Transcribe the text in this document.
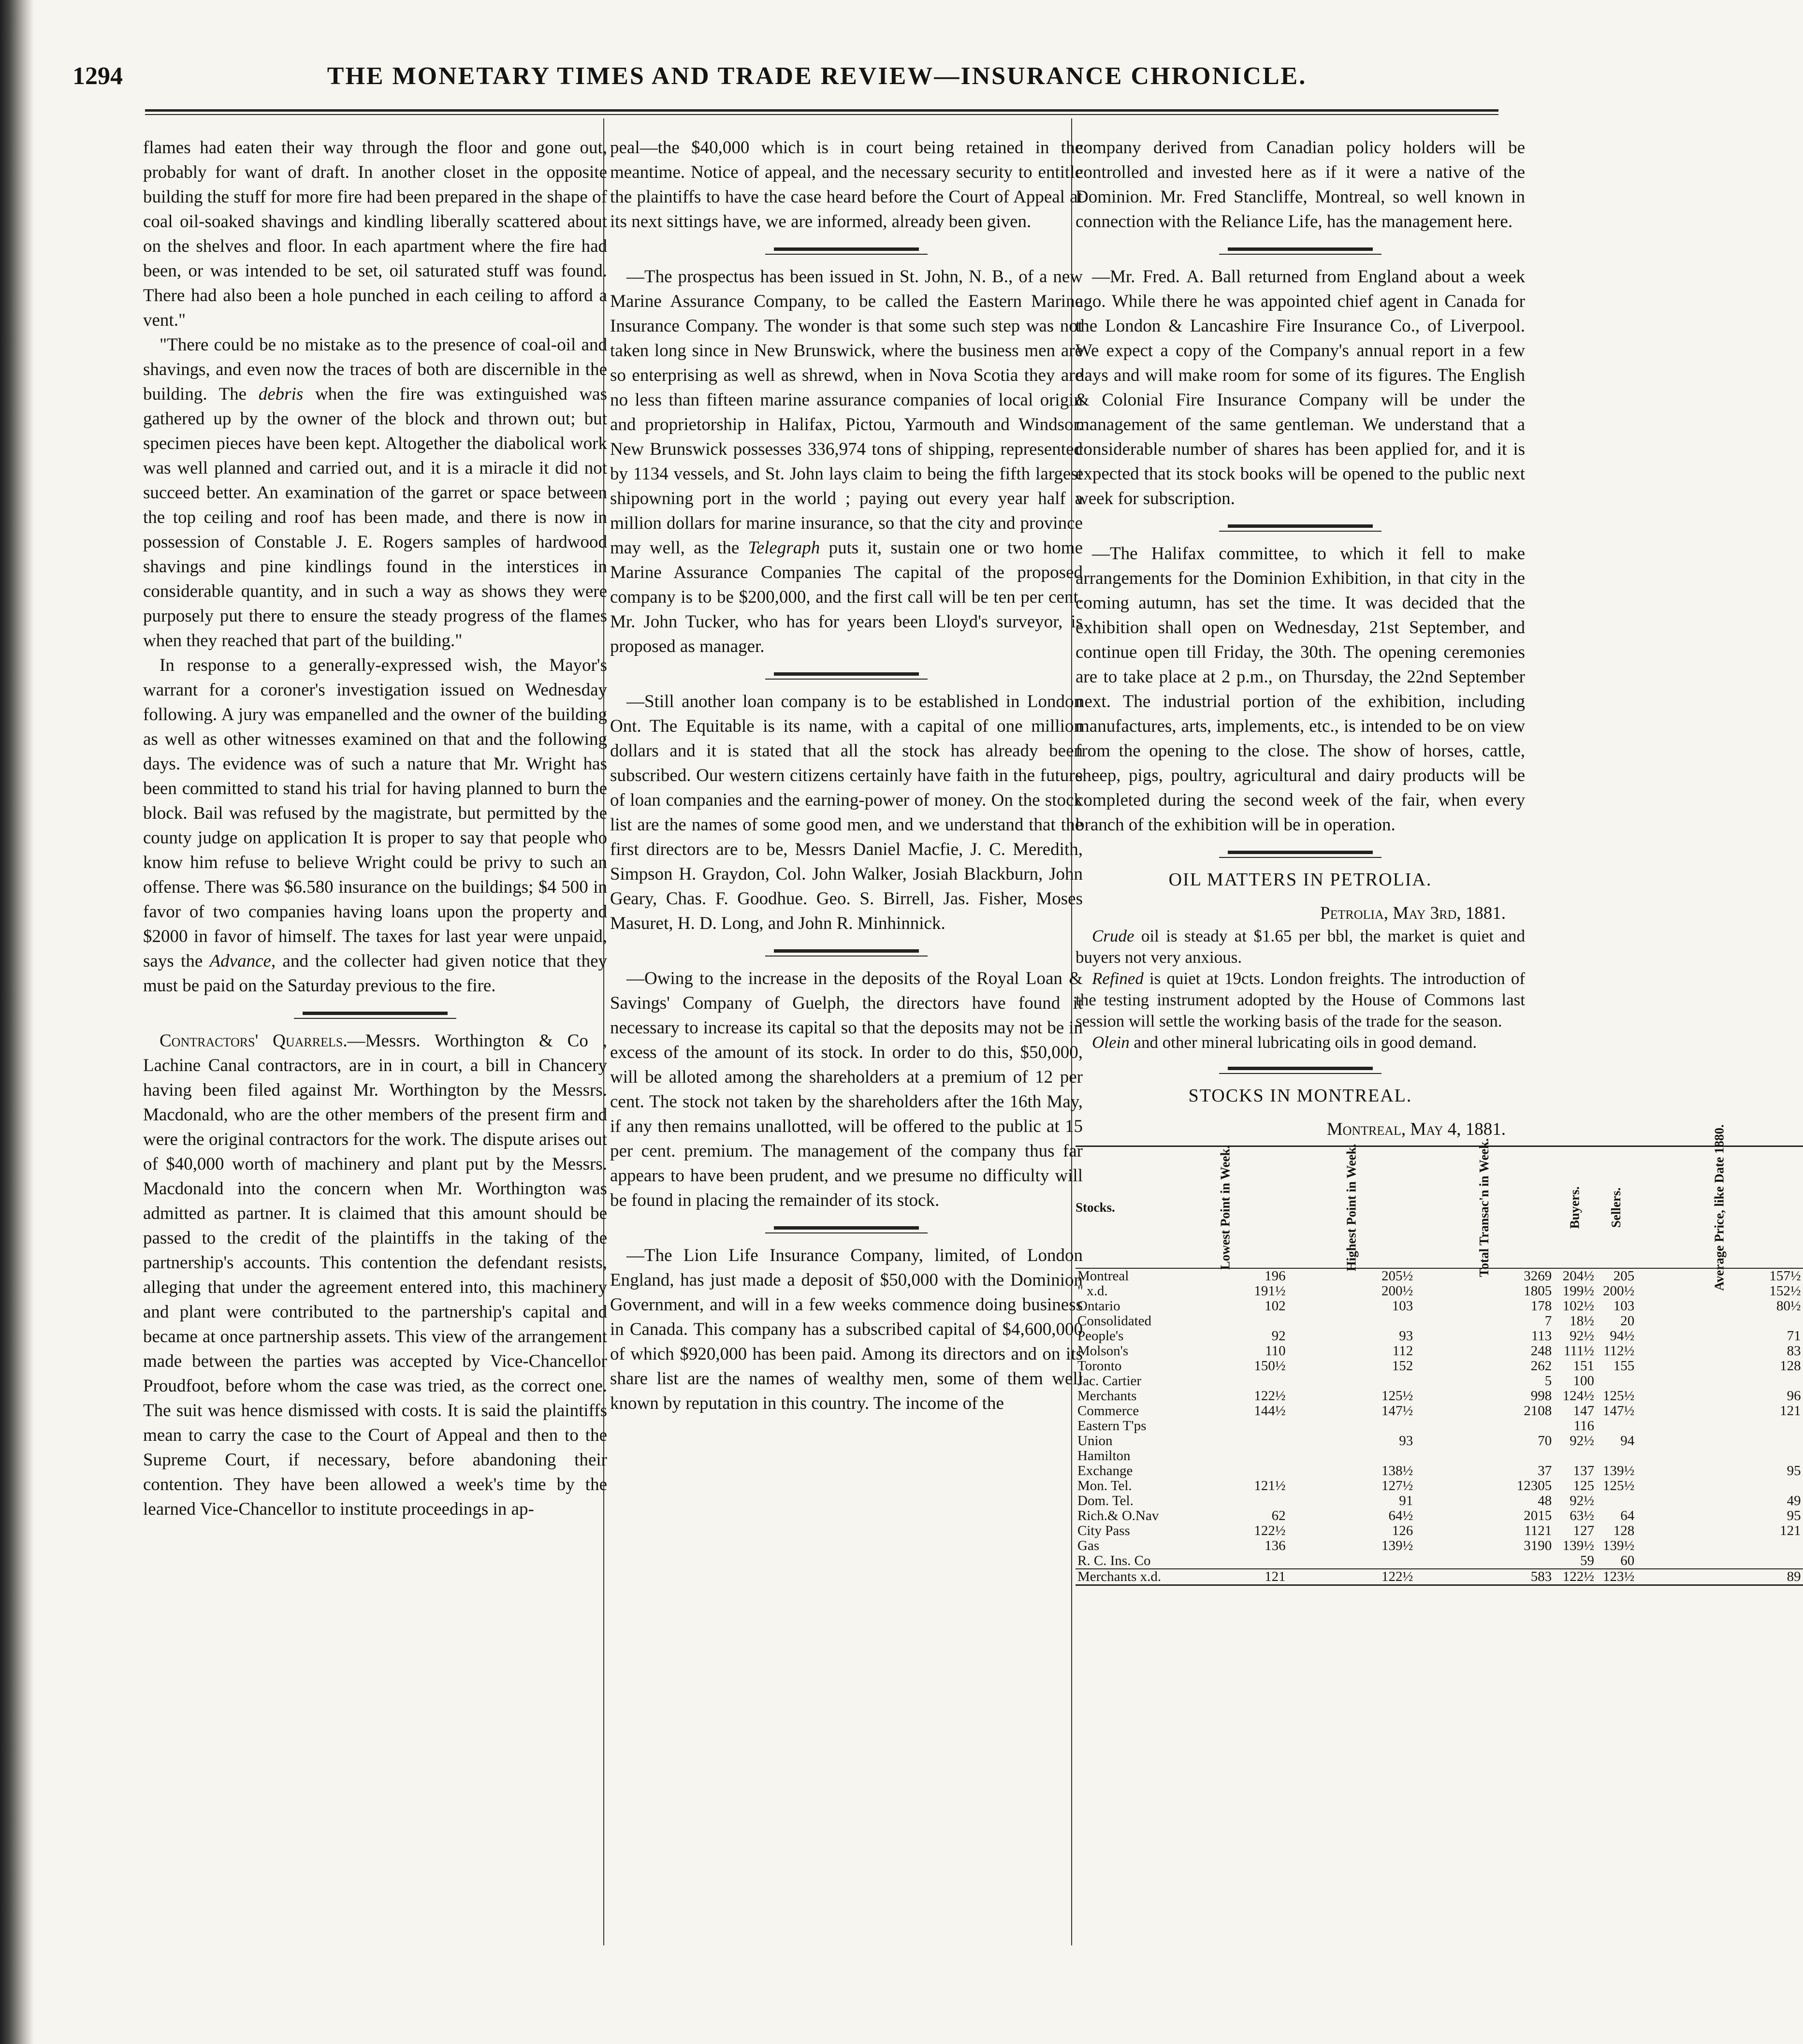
1294	THE MONETARY TIMES AND TRADE REVIEW—INSURANCE CHRONICLE.

flames had eaten their way through the floor and gone out, probably for want of draft. In another closet in the opposite building the stuff for more fire had been prepared in the shape of coal oil-soaked shavings and kindling liberally scattered about on the shelves and floor. In each apartment where the fire had been, or was intended to be set, oil saturated stuff was found. There had also been a hole punched in each ceiling to afford a vent."

"There could be no mistake as to the presence of coal-oil and shavings, and even now the traces of both are discernible in the building. The debris when the fire was extinguished was gathered up by the owner of the block and thrown out; but specimen pieces have been kept. Altogether the diabolical work was well planned and carried out, and it is a miracle it did not succeed better. An examination of the garret or space between the top ceiling and roof has been made, and there is now in possession of Constable J. E. Rogers samples of hardwood shavings and pine kindlings found in the interstices in considerable quantity, and in such a way as shows they were purposely put there to ensure the steady progress of the flames when they reached that part of the building."

In response to a generally-expressed wish, the Mayor's warrant for a coroner's investigation issued on Wednesday following. A jury was empanelled and the owner of the building as well as other witnesses examined on that and the following days. The evidence was of such a nature that Mr. Wright has been committed to stand his trial for having planned to burn the block. Bail was refused by the magistrate, but permitted by the county judge on application It is proper to say that people who know him refuse to believe Wright could be privy to such an offense. There was $6.580 insurance on the buildings; $4 500 in favor of two companies having loans upon the property and $2000 in favor of himself. The taxes for last year were unpaid, says the Advance, and the collecter had given notice that they must be paid on the Saturday previous to the fire.

Contractors' Quarrels.—Messrs. Worthington & Co , Lachine Canal contractors, are in in court, a bill in Chancery having been filed against Mr. Worthington by the Messrs. Macdonald, who are the other members of the present firm and were the original contractors for the work. The dispute arises out of $40,000 worth of machinery and plant put by the Messrs. Macdonald into the concern when Mr. Worthington was admitted as partner. It is claimed that this amount should be passed to the credit of the plaintiffs in the taking of the partnership's accounts. This contention the defendant resists, alleging that under the agreement entered into, this machinery and plant were contributed to the partnership's capital and became at once partnership assets. This view of the arrangement made between the parties was accepted by Vice-Chancellor Proudfoot, before whom the case was tried, as the correct one. The suit was hence dismissed with costs. It is said the plaintiffs mean to carry the case to the Court of Appeal and then to the Supreme Court, if necessary, before abandoning their contention. They have been allowed a week's time by the learned Vice-Chancellor to institute proceedings in ap-

peal—the $40,000 which is in court being retained in the meantime. Notice of appeal, and the necessary security to entitle the plaintiffs to have the case heard before the Court of Appeal at its next sittings have, we are informed, already been given.

—The prospectus has been issued in St. John, N. B., of a new Marine Assurance Company, to be called the Eastern Marine Insurance Company. The wonder is that some such step was not taken long since in New Brunswick, where the business men are so enterprising as well as shrewd, when in Nova Scotia they are no less than fifteen marine assurance companies of local origin and proprietorship in Halifax, Pictou, Yarmouth and Windsor. New Brunswick possesses 336,974 tons of shipping, represented by 1134 vessels, and St. John lays claim to being the fifth largest shipowning port in the world ; paying out every year half a million dollars for marine insurance, so that the city and province may well, as the Telegraph puts it, sustain one or two home Marine Assurance Companies The capital of the proposed company is to be $200,000, and the first call will be ten per cent. Mr. John Tucker, who has for years been Lloyd's surveyor, is proposed as manager.

—Still another loan company is to be established in London Ont. The Equitable is its name, with a capital of one million dollars and it is stated that all the stock has already been subscribed. Our western citizens certainly have faith in the future of loan companies and the earning-power of money. On the stock list are the names of some good men, and we understand that the first directors are to be, Messrs Daniel Macfie, J. C. Meredith, Simpson H. Graydon, Col. John Walker, Josiah Blackburn, John Geary, Chas. F. Goodhue. Geo. S. Birrell, Jas. Fisher, Moses Masuret, H. D. Long, and John R. Minhinnick.

—Owing to the increase in the deposits of the Royal Loan & Savings' Company of Guelph, the directors have found it necessary to increase its capital so that the deposits may not be in excess of the amount of its stock. In order to do this, $50,000, will be alloted among the shareholders at a premium of 12 per cent. The stock not taken by the shareholders after the 16th May, if any then remains unallotted, will be offered to the public at 15 per cent. premium. The management of the company thus far appears to have been prudent, and we presume no difficulty will be found in placing the remainder of its stock.

—The Lion Life Insurance Company, limited, of London England, has just made a deposit of $50,000 with the Dominion Government, and will in a few weeks commence doing business in Canada. This company has a subscribed capital of $4,600,000 of which $920,000 has been paid. Among its directors and on its share list are the names of wealthy men, some of them well known by reputation in this country. The income of the

company derived from Canadian policy holders will be controlled and invested here as if it were a native of the Dominion. Mr. Fred Stancliffe, Montreal, so well known in connection with the Reliance Life, has the management here.

—Mr. Fred. A. Ball returned from England about a week ago. While there he was appointed chief agent in Canada for the London & Lancashire Fire Insurance Co., of Liverpool. We expect a copy of the Company's annual report in a few days and will make room for some of its figures. The English & Colonial Fire Insurance Company will be under the management of the same gentleman. We understand that a considerable number of shares has been applied for, and it is expected that its stock books will be opened to the public next week for subscription.

—The Halifax committee, to which it fell to make arrangements for the Dominion Exhibition, in that city in the coming autumn, has set the time. It was decided that the exhibition shall open on Wednesday, 21st September, and continue open till Friday, the 30th. The opening ceremonies are to take place at 2 p.m., on Thursday, the 22nd September next. The industrial portion of the exhibition, including manufactures, arts, implements, etc., is intended to be on view from the opening to the close. The show of horses, cattle, sheep, pigs, poultry, agricultural and dairy products will be completed during the second week of the fair, when every branch of the exhibition will be in operation.

OIL MATTERS IN PETROLIA.
Petrolia, May 3rd, 1881.

Crude oil is steady at $1.65 per bbl, the market is quiet and buyers not very anxious.

Refined is quiet at 19cts. London freights. The introduction of the testing instrument adopted by the House of Commons last session will settle the working basis of the trade for the season.

Olein and other mineral lubricating oils in good demand.

STOCKS IN MONTREAL.
Montreal, May 4, 1881.
Stocks.	Lowest Point in Week.	Highest Point in Week.	Total Transac'n in Week.	Buyers.	Sellers.	Average Price, like Date 1880.
Montreal	196	205½	3269	204½	205	157½
" x.d.	191½	200½	1805	199½	200½	152½
Ontario	102	103	178	102½	103	80½
Consolidated			7	18½	20	
People's	92	93	113	92½	94½	71
Molson's	110	112	248	111½	112½	83
Toronto	150½	152	262	151	155	128
Jac. Cartier			5	100		
Merchants	122½	125½	998	124½	125½	96
Commerce	144½	147½	2108	147	147½	121
Eastern T'ps				116		
Union		93	70	92½	94	
Hamilton						
Exchange		138½	37	137	139½	95
Mon. Tel.	121½	127½	12305	125	125½	
Dom. Tel.		91	48	92½		49
Rich.& O.Nav	62	64½	2015	63½	64	95
City Pass	122½	126	1121	127	128	121
Gas	136	139½	3190	139½	139½	
R. C. Ins. Co				59	60	
Merchants x.d.	121	122½	583	122½	123½	89
